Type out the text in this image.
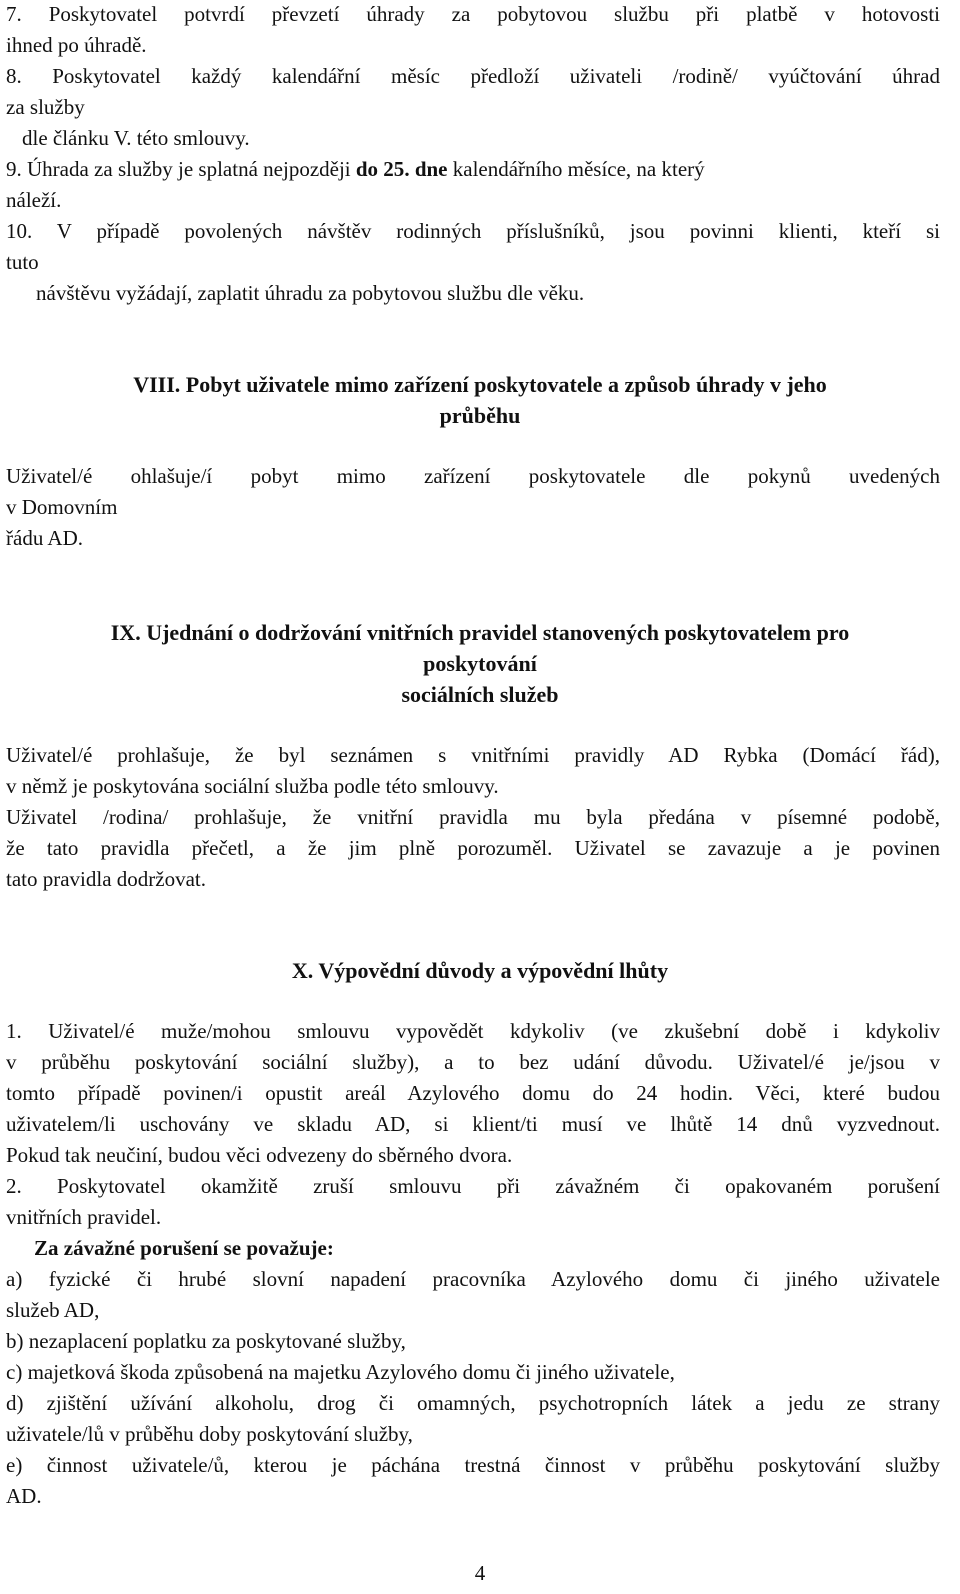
7. Poskytovatel potvrdí převzetí úhrady za pobytovou službu při platbě v hotovosti
ihned po úhradě.
8. Poskytovatel každý kalendářní měsíc předloží uživateli /rodině/ vyúčtování úhrad
za služby
dle článku V. této smlouvy.
9. Úhrada za služby je splatná nejpozději do 25. dne kalendářního měsíce, na který
náleží.
10. V případě povolených návštěv rodinných příslušníků, jsou povinni klienti, kteří si
tuto
návštěvu vyžádají, zaplatit úhradu za pobytovou službu dle věku.
VIII. Pobyt uživatele mimo zařízení poskytovatele a způsob úhrady v jeho
průběhu
Uživatel/é ohlašuje/í pobyt mimo zařízení poskytovatele dle pokynů uvedených
v Domovním
řádu AD.
IX. Ujednání o dodržování vnitřních pravidel stanovených poskytovatelem pro
poskytování
sociálních služeb
Uživatel/é prohlašuje, že byl seznámen s vnitřními pravidly AD Rybka (Domácí řád),
v němž je poskytována sociální služba podle této smlouvy.
Uživatel /rodina/ prohlašuje, že vnitřní pravidla mu byla předána v písemné podobě,
že tato pravidla přečetl, a že jim plně porozuměl. Uživatel se zavazuje a je povinen
tato pravidla dodržovat.
X. Výpovědní důvody a výpovědní lhůty
1. Uživatel/é muže/mohou smlouvu vypovědět kdykoliv (ve zkušební době i kdykoliv
v průběhu poskytování sociální služby), a to bez udání důvodu. Uživatel/é je/jsou v
tomto případě povinen/i opustit areál Azylového domu do 24 hodin. Věci, které budou
uživatelem/li uschovány ve skladu AD, si klient/ti musí ve lhůtě 14 dnů vyzvednout.
Pokud tak neučiní, budou věci odvezeny do sběrného dvora.
2. Poskytovatel okamžitě zruší smlouvu při závažném či opakovaném porušení
vnitřních pravidel.
Za závažné porušení se považuje:
a) fyzické či hrubé slovní napadení pracovníka Azylového domu či jiného uživatele
služeb AD,
b) nezaplacení poplatku za poskytované služby,
c) majetková škoda způsobená na majetku Azylového domu či jiného uživatele,
d) zjištění užívání alkoholu, drog či omamných, psychotropních látek a jedu ze strany
uživatele/lů v průběhu doby poskytování služby,
e) činnost uživatele/ů, kterou je páchána trestná činnost v průběhu poskytování služby
AD.
4
